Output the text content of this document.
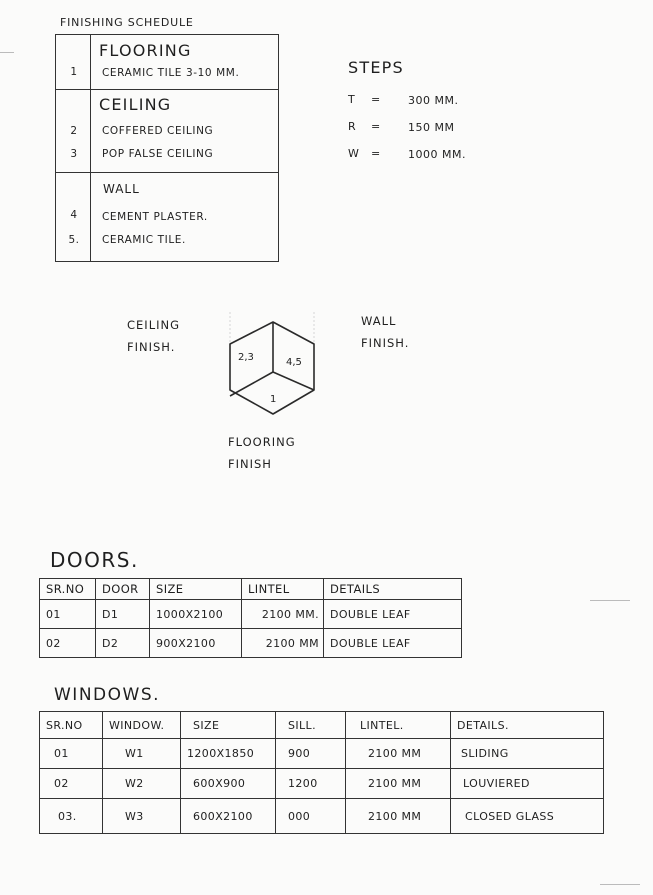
FINISHING SCHEDULE
FLOORING
1 CERAMIC TILE 3-10 MM.
CEILING
2 COFFERED CEILING
3 POP FALSE CEILING
WALL
4 CEMENT PLASTER.
5. CERAMIC TILE.
STEPS
T = 300 MM.
R = 150 MM
W = 1000 MM.
CEILING
FINISH.
WALL
FINISH.
FLOORING
FINISH
2,3	4,5
1
DOORS.
SR.NO	DOOR	SIZE	LINTEL	DETAILS
01	D1	1000X2100	2100 MM.	DOUBLE LEAF
02	D2	900X2100	2100 MM	DOUBLE LEAF
WINDOWS.
SR.NO	WINDOW.	SIZE	SILL.	LINTEL.	DETAILS.
01	W1	1200X1850	900	2100 MM	SLIDING
02	W2	600X900	1200	2100 MM	LOUVIERED
03.	W3	600X2100	000	2100 MM	CLOSED GLASS
